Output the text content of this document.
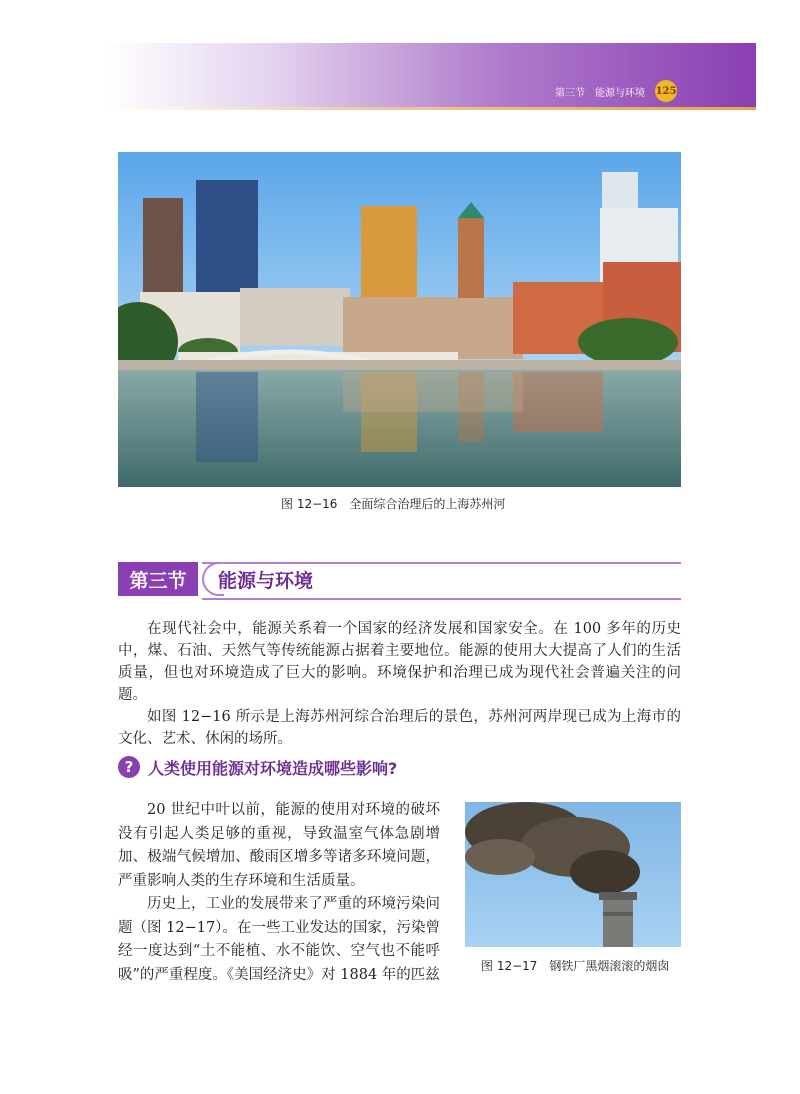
第三节 能源与环境 125
图 12−16　全面综合治理后的上海苏州河
第三节	能源与环境

在现代社会中，能源关系着一个国家的经济发展和国家安全。在 100 多年的历史中，煤、石油、天然气等传统能源占据着主要地位。能源的使用大大提高了人们的生活质量，但也对环境造成了巨大的影响。环境保护和治理已成为现代社会普遍关注的问题。

如图 12−16 所示是上海苏州河综合治理后的景色，苏州河两岸现已成为上海市的文化、艺术、休闲的场所。

? 人类使用能源对环境造成哪些影响?

20 世纪中叶以前，能源的使用对环境的破坏没有引起人类足够的重视，导致温室气体急剧增加、极端气候增加、酸雨区增多等诸多环境问题，严重影响人类的生存环境和生活质量。

历史上，工业的发展带来了严重的环境污染问题（图 12−17）。在一些工业发达的国家，污染曾经一度达到“土不能植、水不能饮、空气也不能呼吸”的严重程度。《美国经济史》对 1884 年的匹兹

图 12−17　钢铁厂黑烟滚滚的烟囱
